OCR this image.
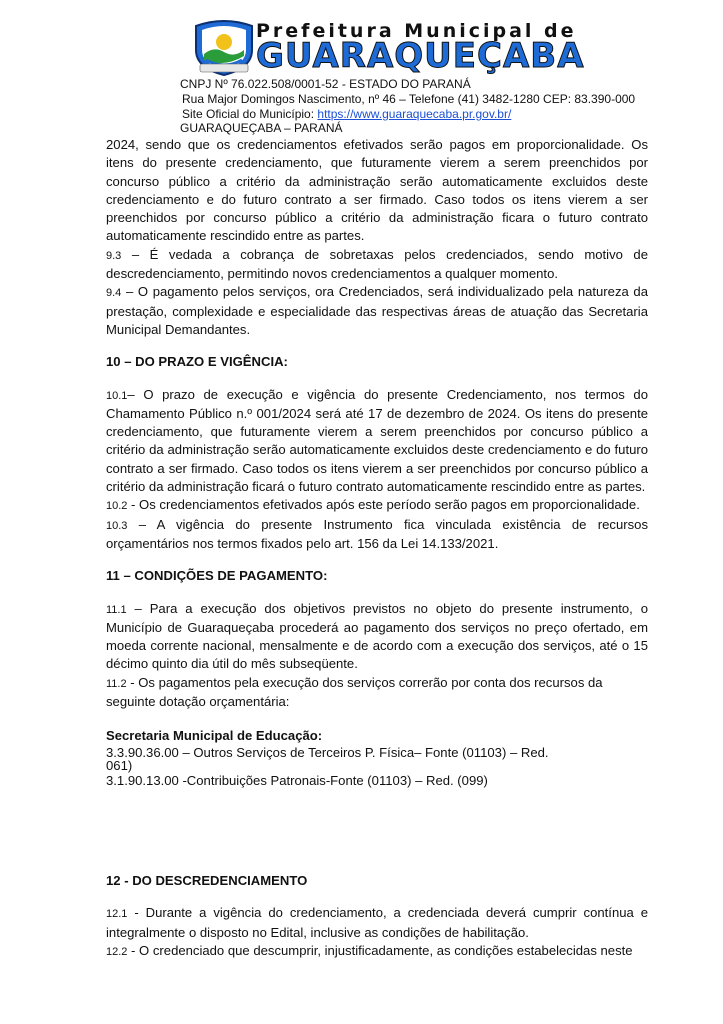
Prefeitura Municipal de
GUARAQUEÇABA
CNPJ Nº 76.022.508/0001-52 - ESTADO DO PARANÁ
Rua Major Domingos Nascimento, nº 46 – Telefone (41) 3482-1280 CEP: 83.390-000
Site Oficial do Município: https://www.guaraquecaba.pr.gov.br/
GUARAQUEÇABA – PARANÁ

2024, sendo que os credenciamentos efetivados serão pagos em proporcionalidade. Os itens do presente credenciamento, que futuramente vierem a serem preenchidos por concurso público a critério da administração serão automaticamente excluidos deste credenciamento e do futuro contrato a ser firmado. Caso todos os itens vierem a ser preenchidos por concurso público a critério da administração ficara o futuro contrato automaticamente rescindido entre as partes.

9.3 – É vedada a cobrança de sobretaxas pelos credenciados, sendo motivo de descredenciamento, permitindo novos credenciamentos a qualquer momento.

9.4 – O pagamento pelos serviços, ora Credenciados, será individualizado pela natureza da prestação, complexidade e especialidade das respectivas áreas de atuação das Secretaria Municipal Demandantes.

10 – DO PRAZO E VIGÊNCIA:

10.1– O prazo de execução e vigência do presente Credenciamento, nos termos do Chamamento Público n.º 001/2024 será até 17 de dezembro de 2024. Os itens do presente credenciamento, que futuramente vierem a serem preenchidos por concurso público a critério da administração serão automaticamente excluidos deste credenciamento e do futuro contrato a ser firmado. Caso todos os itens vierem a ser preenchidos por concurso público a critério da administração ficará o futuro contrato automaticamente rescindido entre as partes.

10.2 - Os credenciamentos efetivados após este período serão pagos em proporcionalidade.

10.3 – A vigência do presente Instrumento fica vinculada existência de recursos orçamentários nos termos fixados pelo art. 156 da Lei 14.133/2021.

11 – CONDIÇÕES DE PAGAMENTO:

11.1 – Para a execução dos objetivos previstos no objeto do presente instrumento, o Município de Guaraqueçaba procederá ao pagamento dos serviços no preço ofertado, em moeda corrente nacional, mensalmente e de acordo com a execução dos serviços, até o 15 décimo quinto dia útil do mês subseqüente.

11.2 - Os pagamentos pela execução dos serviços correrão por conta dos recursos da seguinte dotação orçamentária:

Secretaria Municipal de Educação:

3.3.90.36.00 – Outros Serviços de Terceiros P. Física– Fonte (01103) – Red.

061)

3.1.90.13.00 -Contribuições Patronais-Fonte (01103) – Red. (099)

12 - DO DESCREDENCIAMENTO

12.1 - Durante a vigência do credenciamento, a credenciada deverá cumprir contínua e integralmente o disposto no Edital, inclusive as condições de habilitação.

12.2 - O credenciado que descumprir, injustificadamente, as condições estabelecidas neste
